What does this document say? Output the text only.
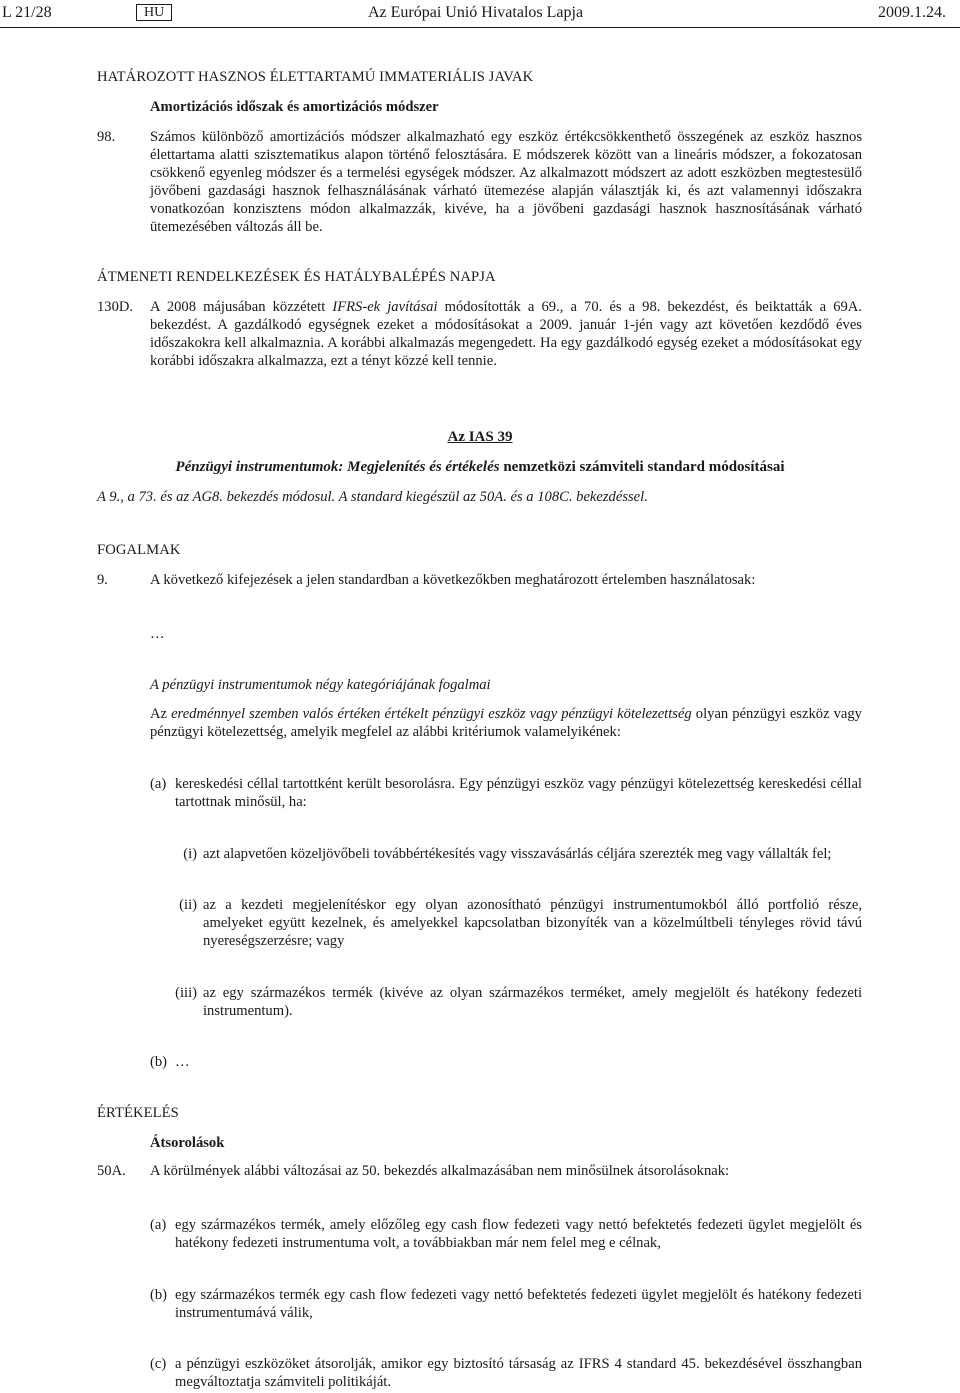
L 21/28	HU	Az Európai Unió Hivatalos Lapja	2009.1.24.
HATÁROZOTT HASZNOS ÉLETTARTAMÚ IMMATERIÁLIS JAVAK
Amortizációs időszak és amortizációs módszer
98. Számos különböző amortizációs módszer alkalmazható egy eszköz értékcsökkenthető összegének az eszköz hasznos élettartama alatti szisztematikus alapon történő felosztására. E módszerek között van a lineáris módszer, a fokozatosan csökkenő egyenleg módszer és a termelési egységek módszer. Az alkalmazott módszert az adott eszközben megtestesülő jövőbeni gazdasági hasznok felhasználásának várható ütemezése alapján választják ki, és azt valamennyi időszakra vonatkozóan konzisztens módon alkalmazzák, kivéve, ha a jövőbeni gazdasági hasznok hasznosításának várható ütemezésében változás áll be.
ÁTMENETI RENDELKEZÉSEK ÉS HATÁLYBALÉPÉS NAPJA
130D. A 2008 májusában közzétett IFRS-ek javításai módosították a 69., a 70. és a 98. bekezdést, és beiktatták a 69A. bekezdést. A gazdálkodó egységnek ezeket a módosításokat a 2009. január 1-jén vagy azt követően kezdődő éves időszakokra kell alkalmaznia. A korábbi alkalmazás megengedett. Ha egy gazdálkodó egység ezeket a módosításokat egy korábbi időszakra alkalmazza, ezt a tényt közzé kell tennie.
Az IAS 39
Pénzügyi instrumentumok: Megjelenítés és értékelés nemzetközi számviteli standard módosításai
A 9., a 73. és az AG8. bekezdés módosul. A standard kiegészül az 50A. és a 108C. bekezdéssel.
FOGALMAK
9.	A következő kifejezések a jelen standardban a következőkben meghatározott értelemben használatosak:
…
A pénzügyi instrumentumok négy kategóriájának fogalmai
Az eredménnyel szemben valós értéken értékelt pénzügyi eszköz vagy pénzügyi kötelezettség olyan pénzügyi eszköz vagy pénzügyi kötelezettség, amelyik megfelel az alábbi kritériumok valamelyikének:
(a) kereskedési céllal tartottként került besorolásra. Egy pénzügyi eszköz vagy pénzügyi kötelezettség kereskedési céllal tartottnak minősül, ha:
(i) azt alapvetően közeljövőbeli továbbértékesítés vagy visszavásárlás céljára szerezték meg vagy vállalták fel;
(ii) az a kezdeti megjelenítéskor egy olyan azonosítható pénzügyi instrumentumokból álló portfolió része, amelyeket együtt kezelnek, és amelyekkel kapcsolatban bizonyíték van a közelmúltbeli tényleges rövid távú nyereségszerzésre; vagy
(iii) az egy származékos termék (kivéve az olyan származékos terméket, amely megjelölt és hatékony fedezeti instrumentum).
(b) …
ÉRTÉKELÉS
Átsorolások
50A. A körülmények alábbi változásai az 50. bekezdés alkalmazásában nem minősülnek átsorolásoknak:
(a) egy származékos termék, amely előzőleg egy cash flow fedezeti vagy nettó befektetés fedezeti ügylet megjelölt és hatékony fedezeti instrumentuma volt, a továbbiakban már nem felel meg e célnak,
(b) egy származékos termék egy cash flow fedezeti vagy nettó befektetés fedezeti ügylet megjelölt és hatékony fedezeti instrumentumává válik,
(c) a pénzügyi eszközöket átsorolják, amikor egy biztosító társaság az IFRS 4 standard 45. bekezdésével összhangban megváltoztatja számviteli politikáját.
